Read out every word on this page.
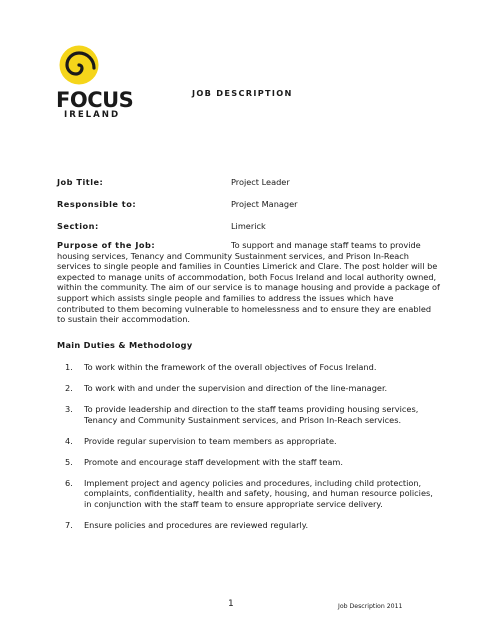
FOCUS
IRELAND
JOB DESCRIPTION
Job Title:	Project Leader
Responsible to:	Project Manager
Section:	Limerick
Purpose of the Job:	To support and manage staff teams to provide housing services, Tenancy and Community Sustainment services, and Prison In-Reach services to single people and families in Counties Limerick and Clare. The post holder will be expected to manage units of accommodation, both Focus Ireland and local authority owned, within the community. The aim of our service is to manage housing and provide a package of support which assists single people and families to address the issues which have contributed to them becoming vulnerable to homelessness and to ensure they are enabled to sustain their accommodation.
Main Duties & Methodology
1. To work within the framework of the overall objectives of Focus Ireland.
2. To work with and under the supervision and direction of the line-manager.
3. To provide leadership and direction to the staff teams providing housing services, Tenancy and Community Sustainment services, and Prison In-Reach services.
4. Provide regular supervision to team members as appropriate.
5. Promote and encourage staff development with the staff team.
6. Implement project and agency policies and procedures, including child protection, complaints, confidentiality, health and safety, housing, and human resource policies, in conjunction with the staff team to ensure appropriate service delivery.
7. Ensure policies and procedures are reviewed regularly.
1	Job Description 2011
